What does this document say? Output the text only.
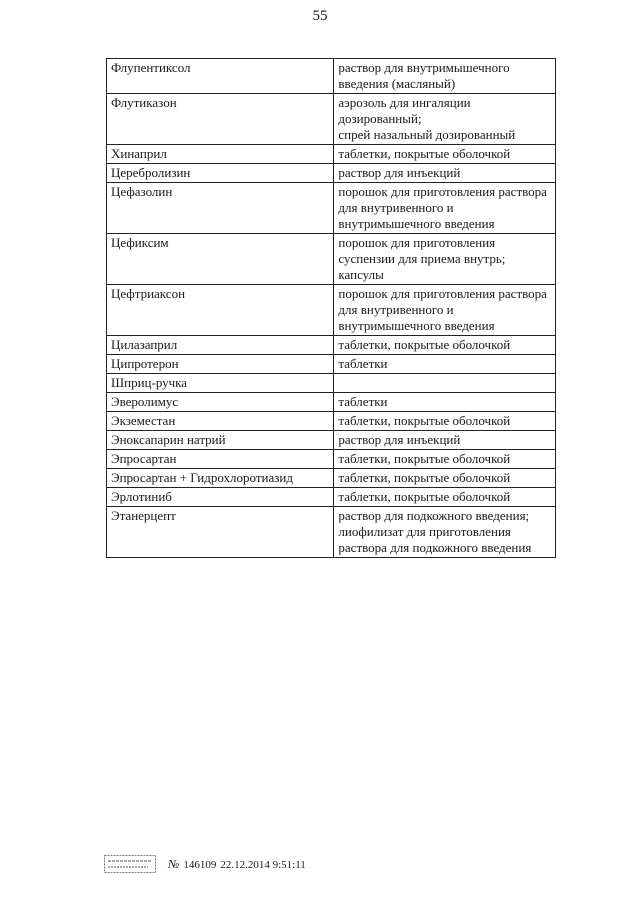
55
Флупентиксол	раствор для внутримышечного
введения (масляный)
Флутиказон	аэрозоль для ингаляции
дозированный;
спрей назальный дозированный
Хинаприл	таблетки, покрытые оболочкой
Церебролизин	раствор для инъекций
Цефазолин	порошок для приготовления раствора
для внутривенного и
внутримышечного введения
Цефиксим	порошок для приготовления
суспензии для приема внутрь;
капсулы
Цефтриаксон	порошок для приготовления раствора
для внутривенного и
внутримышечного введения
Цилазаприл	таблетки, покрытые оболочкой
Ципротерон	таблетки
Шприц-ручка	
Эверолимус	таблетки
Экземестан	таблетки, покрытые оболочкой
Эноксапарин натрий	раствор для инъекций
Эпросартан	таблетки, покрытые оболочкой
Эпросартан + Гидрохлоротиазид	таблетки, покрытые оболочкой
Эрлотиниб	таблетки, покрытые оболочкой
Этанерцепт	раствор для подкожного введения;
лиофилизат для приготовления
раствора для подкожного введения
№ 146109 22.12.2014 9:51:11
